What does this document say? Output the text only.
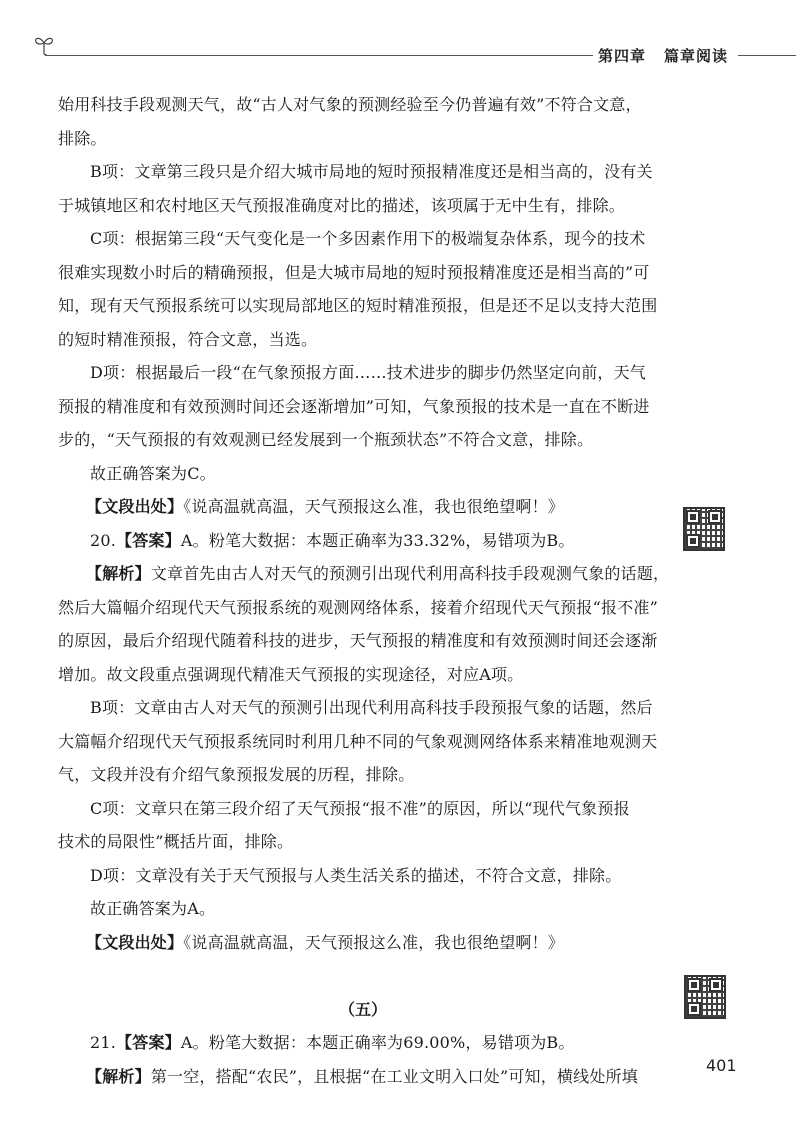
第四章 篇章阅读
始用科技手段观测天气，故“古人对气象的预测经验至今仍普遍有效”不符合文意，
排除。
B项：文章第三段只是介绍大城市局地的短时预报精准度还是相当高的，没有关
于城镇地区和农村地区天气预报准确度对比的描述，该项属于无中生有，排除。
C项：根据第三段“天气变化是一个多因素作用下的极端复杂体系，现今的技术
很难实现数小时后的精确预报，但是大城市局地的短时预报精准度还是相当高的”可
知，现有天气预报系统可以实现局部地区的短时精准预报，但是还不足以支持大范围
的短时精准预报，符合文意，当选。
D项：根据最后一段“在气象预报方面……技术进步的脚步仍然坚定向前，天气
预报的精准度和有效预测时间还会逐渐增加”可知，气象预报的技术是一直在不断进
步的，“天气预报的有效观测已经发展到一个瓶颈状态”不符合文意，排除。
故正确答案为C。
【文段出处】《说高温就高温，天气预报这么准，我也很绝望啊！》
20.【答案】A。粉笔大数据：本题正确率为33.32%，易错项为B。
【解析】文章首先由古人对天气的预测引出现代利用高科技手段观测气象的话题，
然后大篇幅介绍现代天气预报系统的观测网络体系，接着介绍现代天气预报“报不准”
的原因，最后介绍现代随着科技的进步，天气预报的精准度和有效预测时间还会逐渐
增加。故文段重点强调现代精准天气预报的实现途径，对应A项。
B项：文章由古人对天气的预测引出现代利用高科技手段预报气象的话题，然后
大篇幅介绍现代天气预报系统同时利用几种不同的气象观测网络体系来精准地观测天
气，文段并没有介绍气象预报发展的历程，排除。
C项：文章只在第三段介绍了天气预报“报不准”的原因，所以“现代气象预报
技术的局限性”概括片面，排除。
D项：文章没有关于天气预报与人类生活关系的描述，不符合文意，排除。
故正确答案为A。
【文段出处】《说高温就高温，天气预报这么准，我也很绝望啊！》
（五）
21.【答案】A。粉笔大数据：本题正确率为69.00%，易错项为B。
【解析】第一空，搭配“农民”，且根据“在工业文明入口处”可知，横线处所填
401
